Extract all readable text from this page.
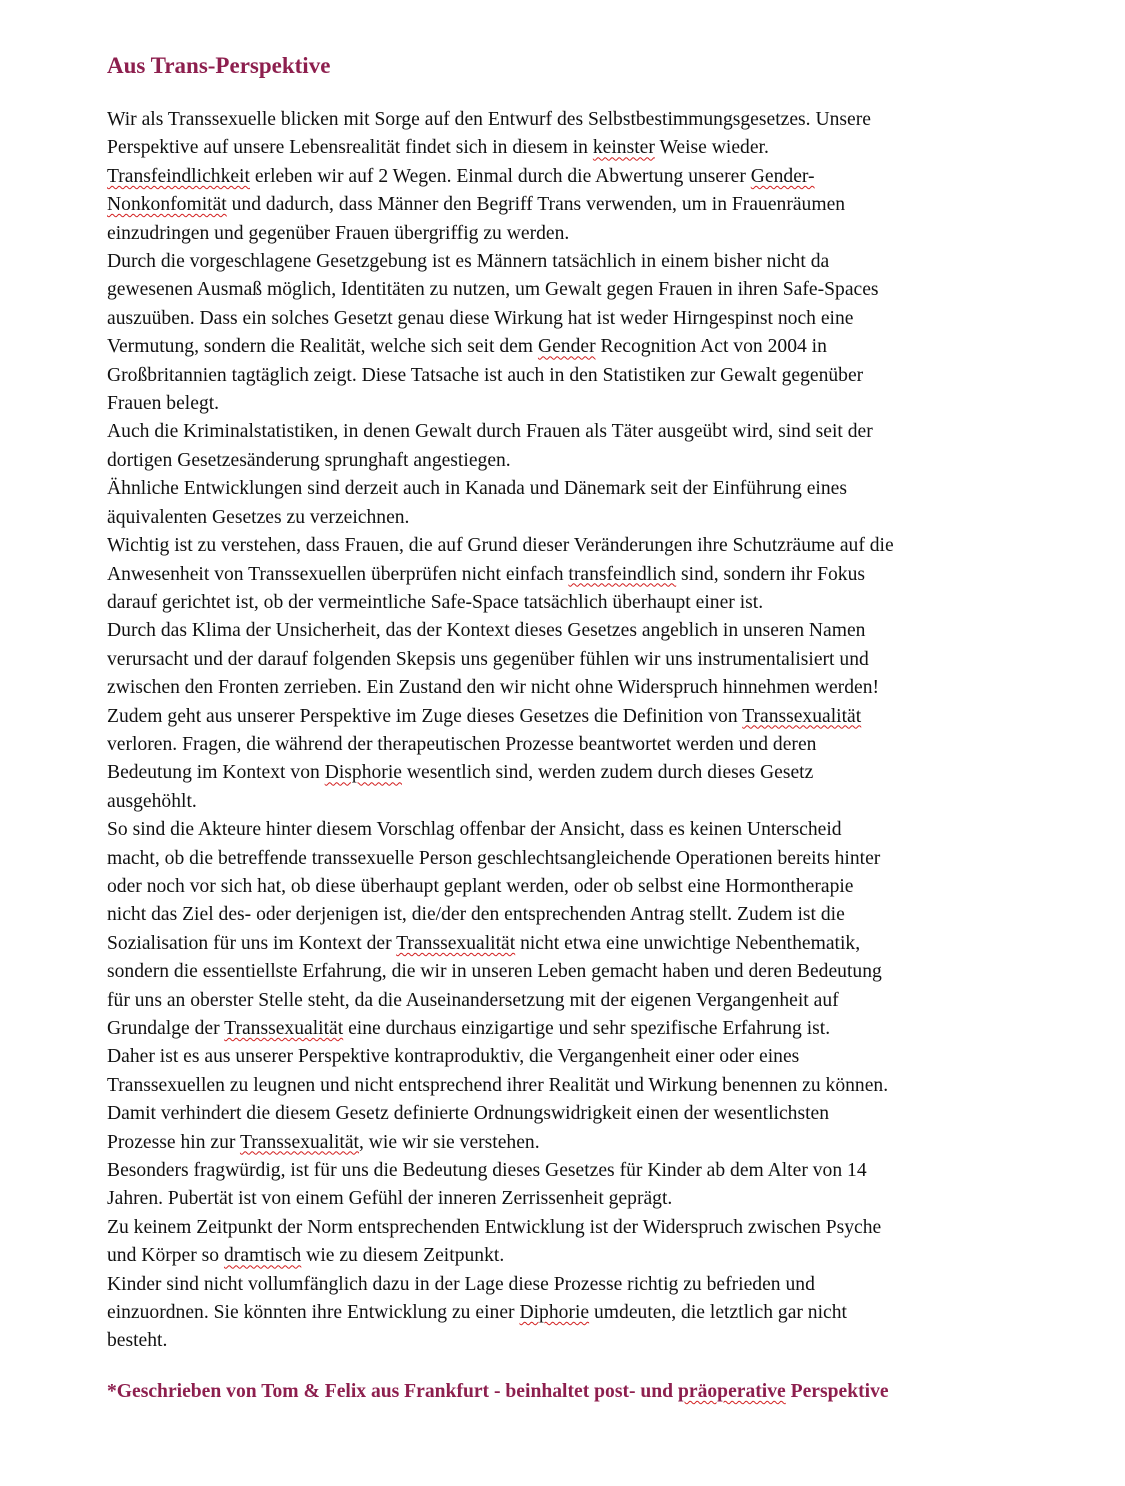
Aus Trans-Perspektive
Wir als Transsexuelle blicken mit Sorge auf den Entwurf des Selbstbestimmungsgesetzes. Unsere
Perspektive auf unsere Lebensrealität findet sich in diesem in keinster Weise wieder.
Transfeindlichkeit erleben wir auf 2 Wegen. Einmal durch die Abwertung unserer Gender-
Nonkonfomität und dadurch, dass Männer den Begriff Trans verwenden, um in Frauenräumen
einzudringen und gegenüber Frauen übergriffig zu werden.
Durch die vorgeschlagene Gesetzgebung ist es Männern tatsächlich in einem bisher nicht da
gewesenen Ausmaß möglich, Identitäten zu nutzen, um Gewalt gegen Frauen in ihren Safe-Spaces
auszuüben. Dass ein solches Gesetzt genau diese Wirkung hat ist weder Hirngespinst noch eine
Vermutung, sondern die Realität, welche sich seit dem Gender Recognition Act von 2004 in
Großbritannien tagtäglich zeigt. Diese Tatsache ist auch in den Statistiken zur Gewalt gegenüber
Frauen belegt.
Auch die Kriminalstatistiken, in denen Gewalt durch Frauen als Täter ausgeübt wird, sind seit der
dortigen Gesetzesänderung sprunghaft angestiegen.
Ähnliche Entwicklungen sind derzeit auch in Kanada und Dänemark seit der Einführung eines
äquivalenten Gesetzes zu verzeichnen.
Wichtig ist zu verstehen, dass Frauen, die auf Grund dieser Veränderungen ihre Schutzräume auf die
Anwesenheit von Transsexuellen überprüfen nicht einfach transfeindlich sind, sondern ihr Fokus
darauf gerichtet ist, ob der vermeintliche Safe-Space tatsächlich überhaupt einer ist.
Durch das Klima der Unsicherheit, das der Kontext dieses Gesetzes angeblich in unseren Namen
verursacht und der darauf folgenden Skepsis uns gegenüber fühlen wir uns instrumentalisiert und
zwischen den Fronten zerrieben. Ein Zustand den wir nicht ohne Widerspruch hinnehmen werden!
Zudem geht aus unserer Perspektive im Zuge dieses Gesetzes die Definition von Transsexualität
verloren. Fragen, die während der therapeutischen Prozesse beantwortet werden und deren
Bedeutung im Kontext von Disphorie wesentlich sind, werden zudem durch dieses Gesetz
ausgehöhlt.
So sind die Akteure hinter diesem Vorschlag offenbar der Ansicht, dass es keinen Unterscheid
macht, ob die betreffende transsexuelle Person geschlechtsangleichende Operationen bereits hinter
oder noch vor sich hat, ob diese überhaupt geplant werden, oder ob selbst eine Hormontherapie
nicht das Ziel des- oder derjenigen ist, die/der den entsprechenden Antrag stellt. Zudem ist die
Sozialisation für uns im Kontext der Transsexualität nicht etwa eine unwichtige Nebenthematik,
sondern die essentiellste Erfahrung, die wir in unseren Leben gemacht haben und deren Bedeutung
für uns an oberster Stelle steht, da die Auseinandersetzung mit der eigenen Vergangenheit auf
Grundalge der Transsexualität eine durchaus einzigartige und sehr spezifische Erfahrung ist.
Daher ist es aus unserer Perspektive kontraproduktiv, die Vergangenheit einer oder eines
Transsexuellen zu leugnen und nicht entsprechend ihrer Realität und Wirkung benennen zu können.
Damit verhindert die diesem Gesetz definierte Ordnungswidrigkeit einen der wesentlichsten
Prozesse hin zur Transsexualität, wie wir sie verstehen.
Besonders fragwürdig, ist für uns die Bedeutung dieses Gesetzes für Kinder ab dem Alter von 14
Jahren. Pubertät ist von einem Gefühl der inneren Zerrissenheit geprägt.
Zu keinem Zeitpunkt der Norm entsprechenden Entwicklung ist der Widerspruch zwischen Psyche
und Körper so dramtisch wie zu diesem Zeitpunkt.
Kinder sind nicht vollumfänglich dazu in der Lage diese Prozesse richtig zu befrieden und
einzuordnen. Sie könnten ihre Entwicklung zu einer Diphorie umdeuten, die letztlich gar nicht
besteht.
*Geschrieben von Tom & Felix aus Frankfurt - beinhaltet post- und präoperative Perspektive
